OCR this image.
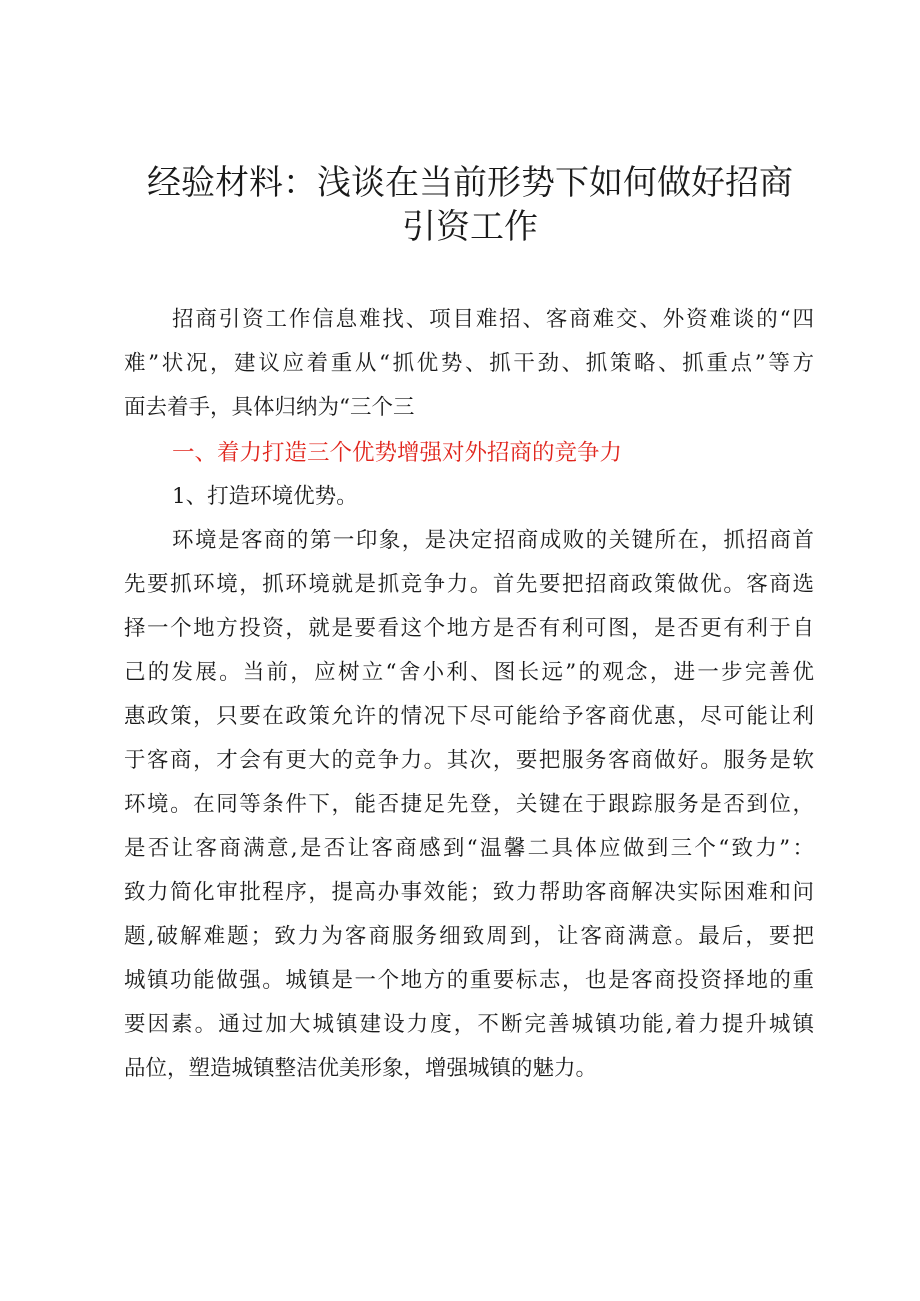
经验材料：浅谈在当前形势下如何做好招商
引资工作
招商引资工作信息难找、项目难招、客商难交、外资难谈的“四
难”状况，建议应着重从“抓优势、抓干劲、抓策略、抓重点”等方
面去着手，具体归纳为“三个三
一、着力打造三个优势增强对外招商的竞争力

1、打造环境优势。

环境是客商的第一印象，是决定招商成败的关键所在，抓招商首
先要抓环境，抓环境就是抓竞争力。首先要把招商政策做优。客商选
择一个地方投资，就是要看这个地方是否有利可图，是否更有利于自
己的发展。当前，应树立“舍小利、图长远”的观念，进一步完善优
惠政策，只要在政策允许的情况下尽可能给予客商优惠，尽可能让利
于客商，才会有更大的竞争力。其次，要把服务客商做好。服务是软
环境。在同等条件下，能否捷足先登，关键在于跟踪服务是否到位，
是否让客商满意,是否让客商感到“温馨二具体应做到三个“致力”：
致力简化审批程序，提高办事效能；致力帮助客商解决实际困难和问
题,破解难题；致力为客商服务细致周到，让客商满意。最后，要把
城镇功能做强。城镇是一个地方的重要标志，也是客商投资择地的重
要因素。通过加大城镇建设力度，不断完善城镇功能,着力提升城镇
品位，塑造城镇整洁优美形象，增强城镇的魅力。
